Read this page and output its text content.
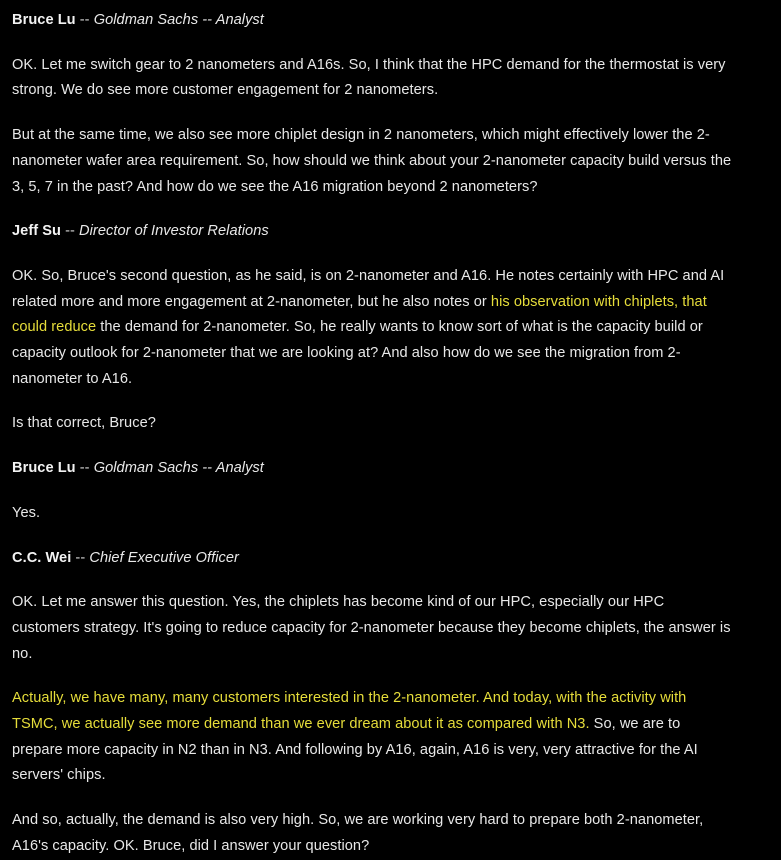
Bruce Lu -- Goldman Sachs -- Analyst

OK. Let me switch gear to 2 nanometers and A16s. So, I think that the HPC demand for the thermostat is very strong. We do see more customer engagement for 2 nanometers.

But at the same time, we also see more chiplet design in 2 nanometers, which might effectively lower the 2-nanometer wafer area requirement. So, how should we think about your 2-nanometer capacity build versus the 3, 5, 7 in the past? And how do we see the A16 migration beyond 2 nanometers?

Jeff Su -- Director of Investor Relations

OK. So, Bruce's second question, as he said, is on 2-nanometer and A16. He notes certainly with HPC and AI related more and more engagement at 2-nanometer, but he also notes or his observation with chiplets, that could reduce the demand for 2-nanometer. So, he really wants to know sort of what is the capacity build or capacity outlook for 2-nanometer that we are looking at? And also how do we see the migration from 2-nanometer to A16.

Is that correct, Bruce?

Bruce Lu -- Goldman Sachs -- Analyst

Yes.

C.C. Wei -- Chief Executive Officer

OK. Let me answer this question. Yes, the chiplets has become kind of our HPC, especially our HPC customers strategy. It's going to reduce capacity for 2-nanometer because they become chiplets, the answer is no.

Actually, we have many, many customers interested in the 2-nanometer. And today, with the activity with TSMC, we actually see more demand than we ever dream about it as compared with N3. So, we are to prepare more capacity in N2 than in N3. And following by A16, again, A16 is very, very attractive for the AI servers' chips.

And so, actually, the demand is also very high. So, we are working very hard to prepare both 2-nanometer, A16's capacity. OK. Bruce, did I answer your question?
